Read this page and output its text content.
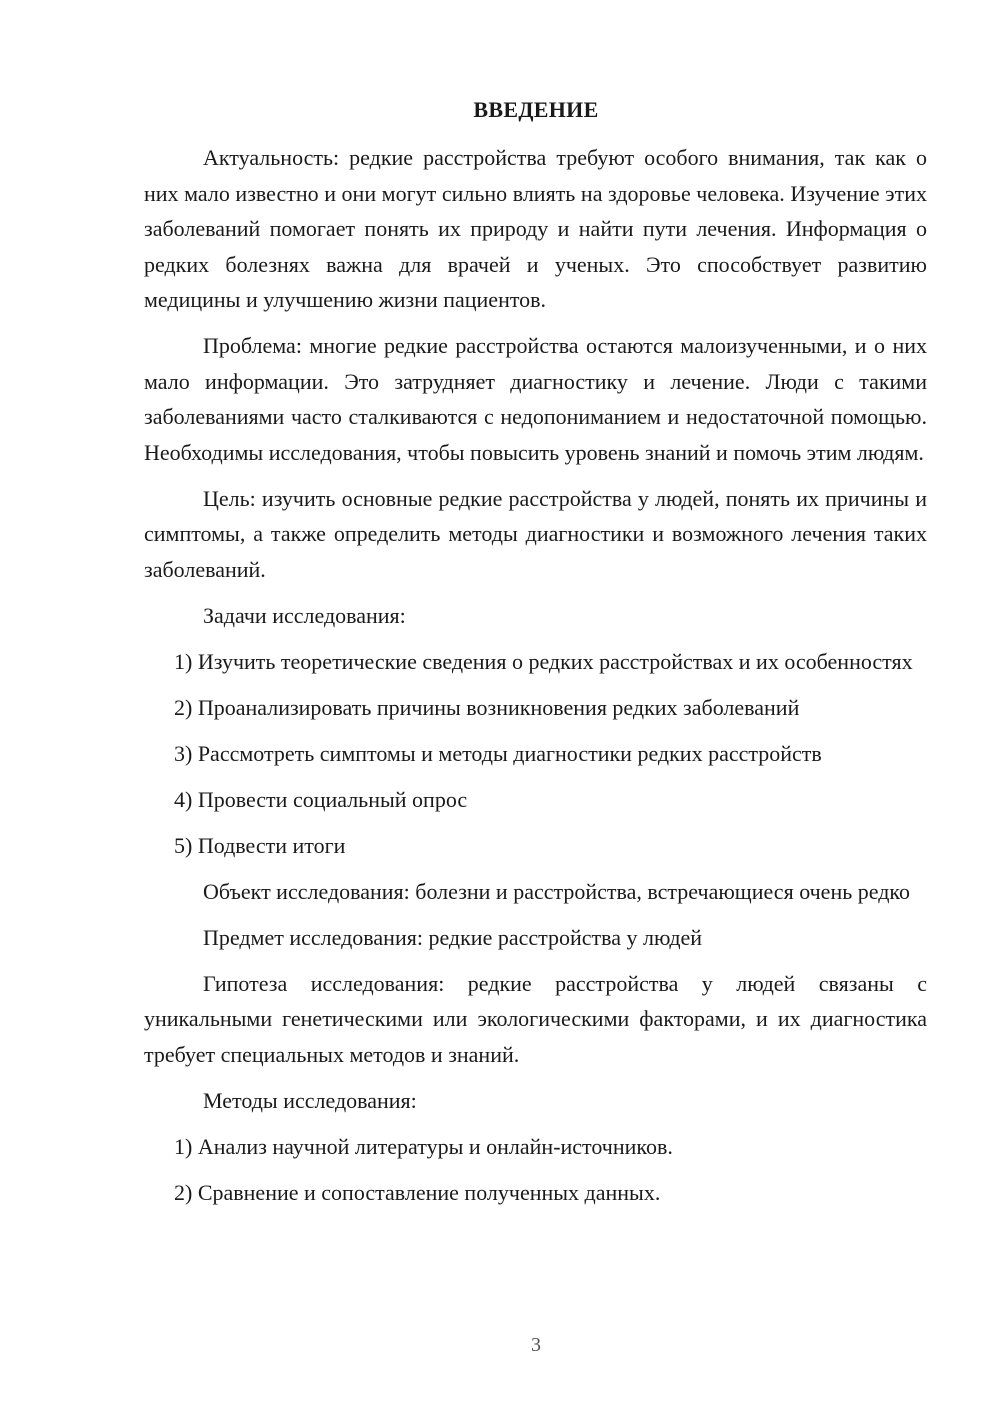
ВВЕДЕНИЕ

Актуальность: редкие расстройства требуют особого внимания, так как о них мало известно и они могут сильно влиять на здоровье человека. Изучение этих заболеваний помогает понять их природу и найти пути лечения. Информация о редких болезнях важна для врачей и ученых. Это способствует развитию медицины и улучшению жизни пациентов.

Проблема: многие редкие расстройства остаются малоизученными, и о них мало информации. Это затрудняет диагностику и лечение. Люди с такими заболеваниями часто сталкиваются с недопониманием и недостаточной помощью. Необходимы исследования, чтобы повысить уровень знаний и помочь этим людям.

Цель: изучить основные редкие расстройства у людей, понять их причины и симптомы, а также определить методы диагностики и возможного лечения таких заболеваний.

Задачи исследования:

1) Изучить теоретические сведения о редких расстройствах и их особенностях

2) Проанализировать причины возникновения редких заболеваний

3) Рассмотреть симптомы и методы диагностики редких расстройств

4) Провести социальный опрос

5) Подвести итоги

Объект исследования: болезни и расстройства, встречающиеся очень редко

Предмет исследования: редкие расстройства у людей

Гипотеза исследования: редкие расстройства у людей связаны с уникальными генетическими или экологическими факторами, и их диагностика требует специальных методов и знаний.

Методы исследования:

1) Анализ научной литературы и онлайн-источников.

2) Сравнение и сопоставление полученных данных.

3
